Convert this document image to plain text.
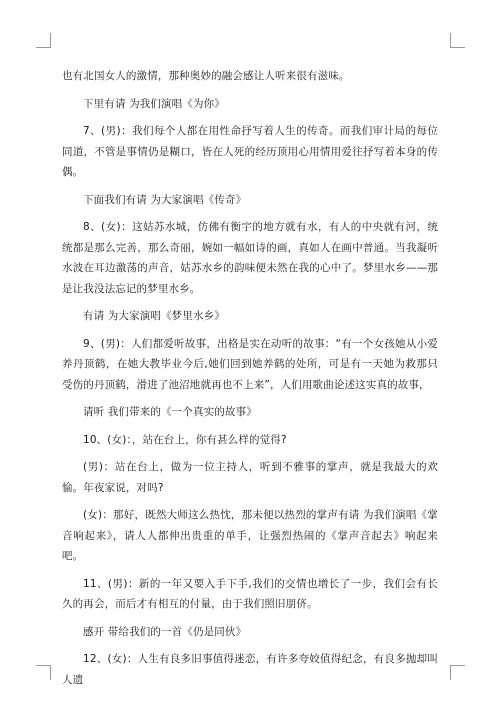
也有北国女人的激情，那种奥妙的融会感让人听来很有滋味。

下里有请 为我们演唱《为你》

7、(男)：我们每个人都在用性命抒写着人生的传奇。而我们审计局的每位同道，不管是事情仍是糊口，皆在人死的经历顶用心用情用爱往抒写着本身的传偶。

下面我们有请 为大家演唱《传奇》

8、(女)：这姑苏水城，仿佛有衡宇的地方就有水，有人的中央就有河，统统都是那么完善，那么奇丽，婉如一幅如诗的画，真如人在画中普通。当我凝听水波在耳边激荡的声音，姑苏水乡的韵味便未然在我的心中了。梦里水乡——那是让我没法忘记的梦里水乡。

有请 为大家演唱《梦里水乡》

9、(男)：人们都爱听故事，出格是实在动听的故事：“有一个女孩她从小爱养丹顶鹤，在她大教毕业今后,她们回到她养鹤的处所，可是有一天她为救那只受伤的丹顶鹤，滑进了池沼地就再也不上来”，人们用歌曲论述这实真的故事，

请听 我们带来的《一个真实的故事》

10、(女)：，站在台上，你有甚么样的觉得?

(男)：站在台上，做为一位主持人，听到不雅事的掌声，就是我最大的欢愉。年夜家说，对吗?

(女)：那好，既然大师这么热忱，那未便以热烈的掌声有请 为我们演唱《掌音响起来》，请人人都伸出贵重的单手，让强烈热闹的《掌声音起去》响起来吧。

11、(男)：新的一年又要入手下手,我们的交情也增长了一步，我们会有长久的再会，而后才有相互的付量，由于我们照旧朋侪。

感开 带给我们的一首《仍是同伙》

12、(女)：人生有良多旧事值得迷恋，有许多夸姣值得纪念，有良多抛却叫人遗
